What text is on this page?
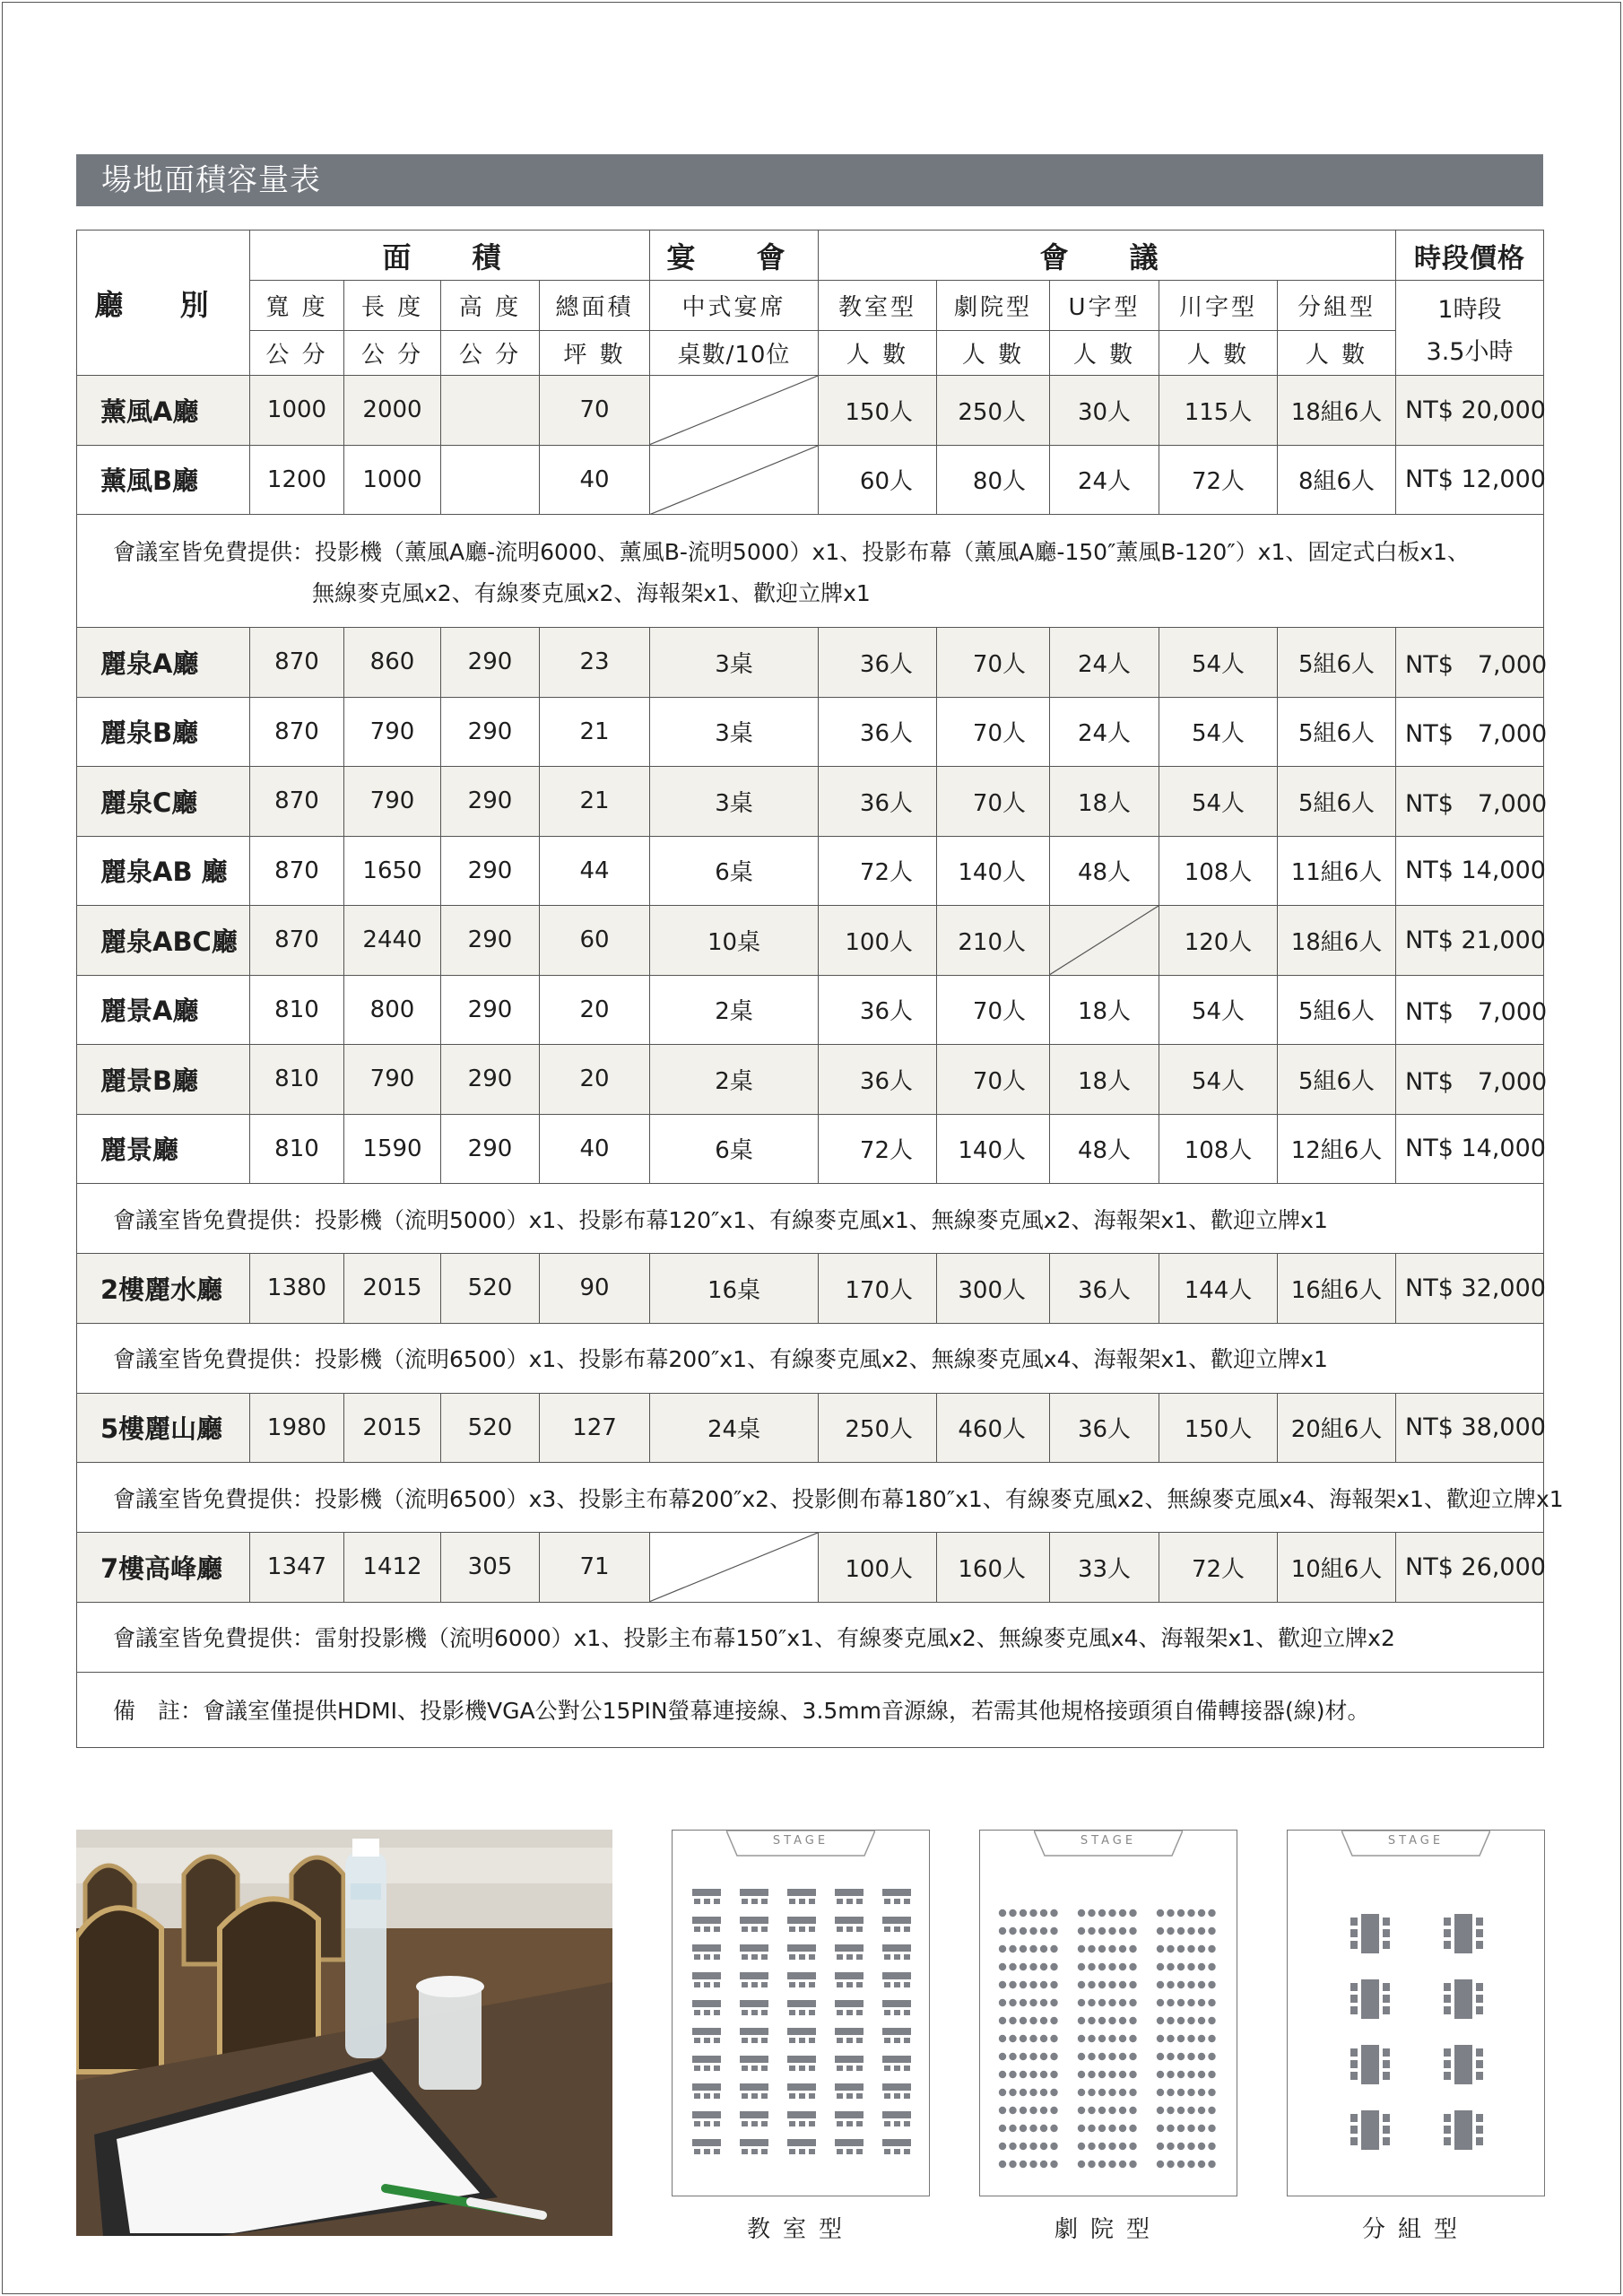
場地面積容量表
廳 別	面　積				宴　會	會　議					時段價格
	寬 度	長 度	高 度	總面積	中式宴席	教室型	劇院型	U字型	川字型	分組型	1時段
3.5小時

	公 分	公 分	公 分	坪 數	桌數/10位	人 數	人 數	人 數	人 數	人 數	
薰風A廳	1000	2000		70		150人	250人	30人	115人	18組6人	NT$ 20,000
薰風B廳	1200	1000		40		60人	80人	24人	72人	8組6人	NT$ 12,000
會議室皆免費提供：投影機（薰風A廳-流明6000、薰風B-流明5000）x1、投影布幕（薰風A廳-150″薰風B-120″）x1、固定式白板x1、
無線麥克風x2、有線麥克風x2、海報架x1、歡迎立牌x1											

麗泉A廳	870	860	290	23	3桌	36人	70人	24人	54人	5組6人	NT$　7,000
麗泉B廳	870	790	290	21	3桌	36人	70人	24人	54人	5組6人	NT$　7,000
麗泉C廳	870	790	290	21	3桌	36人	70人	18人	54人	5組6人	NT$　7,000
麗泉AB 廳	870	1650	290	44	6桌	72人	140人	48人	108人	11組6人	NT$ 14,000
麗泉ABC廳	870	2440	290	60	10桌	100人	210人		120人	18組6人	NT$ 21,000
麗景A廳	810	800	290	20	2桌	36人	70人	18人	54人	5組6人	NT$　7,000
麗景B廳	810	790	290	20	2桌	36人	70人	18人	54人	5組6人	NT$　7,000
麗景廳	810	1590	290	40	6桌	72人	140人	48人	108人	12組6人	NT$ 14,000
會議室皆免費提供：投影機（流明5000）x1、投影布幕120″x1、有線麥克風x1、無線麥克風x2、海報架x1、歡迎立牌x1											
2樓麗水廳	1380	2015	520	90	16桌	170人	300人	36人	144人	16組6人	NT$ 32,000
會議室皆免費提供：投影機（流明6500）x1、投影布幕200″x1、有線麥克風x2、無線麥克風x4、海報架x1、歡迎立牌x1											
5樓麗山廳	1980	2015	520	127	24桌	250人	460人	36人	150人	20組6人	NT$ 38,000
會議室皆免費提供：投影機（流明6500）x3、投影主布幕200″x2、投影側布幕180″x1、有線麥克風x2、無線麥克風x4、海報架x1、歡迎立牌x1											
7樓高峰廳	1347	1412	305	71		100人	160人	33人	72人	10組6人	NT$ 26,000
會議室皆免費提供：雷射投影機（流明6000）x1、投影主布幕150″x1、有線麥克風x2、無線麥克風x4、海報架x1、歡迎立牌x2											
備　註：會議室僅提供HDMI、投影機VGA公對公15PIN螢幕連接線、3.5mm音源線，若需其他規格接頭須自備轉接器(線)材。											
STAGE
教室型
STAGE
劇院型
STAGE
分組型
